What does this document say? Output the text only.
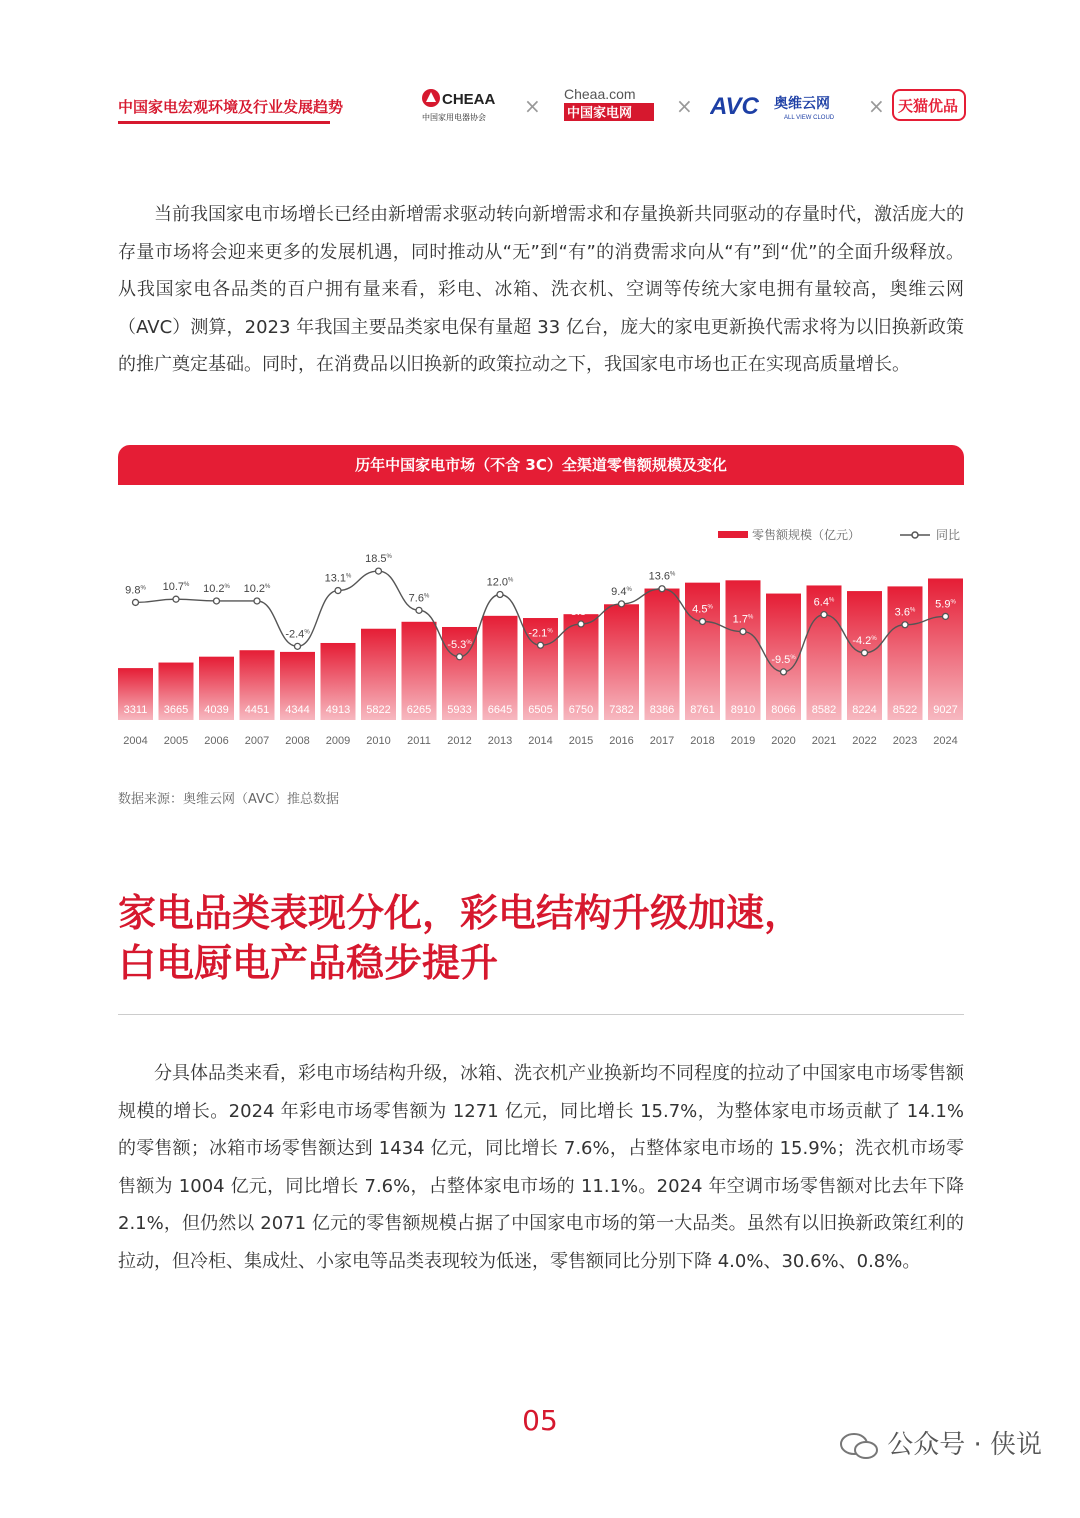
中国家电宏观环境及行业发展趋势	CHEAA
中国家用电器协会 × Cheaa.com
中国家电网 × AVC 奥维云网
ALL VIEW CLOUD × 天猫优品

当前我国家电市场增长已经由新增需求驱动转向新增需求和存量换新共同驱动的存量时代，激活庞大的存量市场将会迎来更多的发展机遇，同时推动从“无”到“有”的消费需求向从“有”到“优”的全面升级释放。从我国家电各品类的百户拥有量来看，彩电、冰箱、洗衣机、空调等传统大家电拥有量较高，奥维云网（AVC）测算，2023 年我国主要品类家电保有量超 33 亿台，庞大的家电更新换代需求将为以旧换新政策的推广奠定基础。同时，在消费品以旧换新的政策拉动之下，我国家电市场也正在实现高质量增长。

历年中国家电市场（不含 3C）全渠道零售额规模及变化
零售额规模（亿元）	同比
3311
2004
3665
2005
4039
2006
4451
2007
4344
2008
4913
2009
5822
2010
6265
2011
5933
2012
6645
2013
6505
2014
6750
2015
7382
2016
8386
2017
8761
2018
8910
2019
8066
2020
8582
2021
8224
2022
8522
2023
9027
2024
9.8% 10.7% 10.2% 10.2%
-2.4%
13.1%
18.5%
7.6%
-5.3%
12.0%
-2.1%
3.8%
9.4%
13.6%
4.5%
1.7%
-9.5%
6.4%
-4.2%
3.6%
5.9%
数据来源：奥维云网（AVC）推总数据
家电品类表现分化，彩电结构升级加速，
白电厨电产品稳步提升

分具体品类来看，彩电市场结构升级，冰箱、洗衣机产业换新均不同程度的拉动了中国家电市场零售额规模的增长。2024 年彩电市场零售额为 1271 亿元，同比增长 15.7%，为整体家电市场贡献了 14.1% 的零售额；冰箱市场零售额达到 1434 亿元，同比增长 7.6%，占整体家电市场的 15.9%；洗衣机市场零售额为 1004 亿元，同比增长 7.6%，占整体家电市场的 11.1%。2024 年空调市场零售额对比去年下降 2.1%，但仍然以 2071 亿元的零售额规模占据了中国家电市场的第一大品类。虽然有以旧换新政策红利的拉动，但冷柜、集成灶、小家电等品类表现较为低迷，零售额同比分别下降 4.0%、30.6%、0.8%。

05
公众号 · 侠说
